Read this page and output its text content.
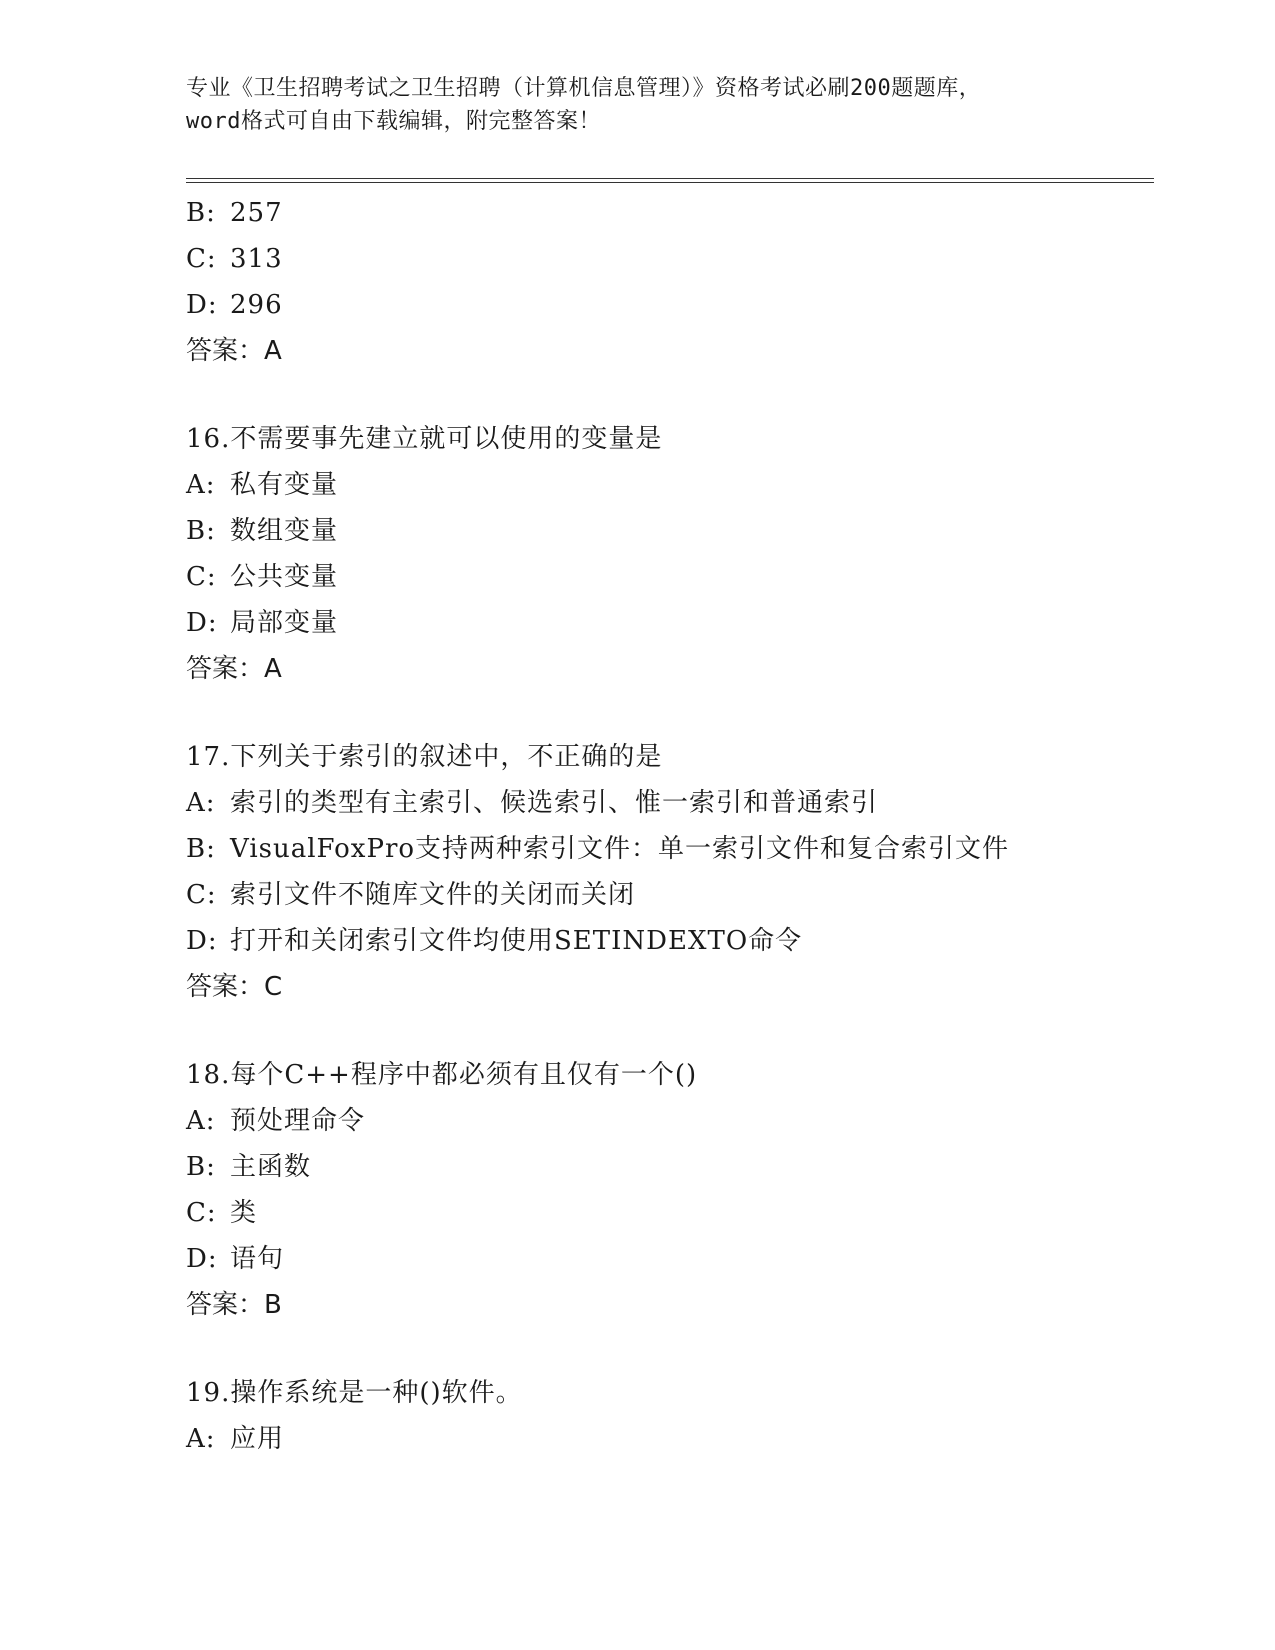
专业《卫生招聘考试之卫生招聘（计算机信息管理）》资格考试必刷200题题库，
word格式可自由下载编辑，附完整答案！
B: 257
C: 313
D: 296
答案：A
16.不需要事先建立就可以使用的变量是
A: 私有变量
B: 数组变量
C: 公共变量
D: 局部变量
答案：A
17.下列关于索引的叙述中，不正确的是
A: 索引的类型有主索引、候选索引、惟一索引和普通索引
B: VisualFoxPro支持两种索引文件：单一索引文件和复合索引文件
C: 索引文件不随库文件的关闭而关闭
D: 打开和关闭索引文件均使用SETINDEXTO命令
答案：C
18.每个C++程序中都必须有且仅有一个()
A: 预处理命令
B: 主函数
C: 类
D: 语句
答案：B
19.操作系统是一种()软件。
A: 应用
